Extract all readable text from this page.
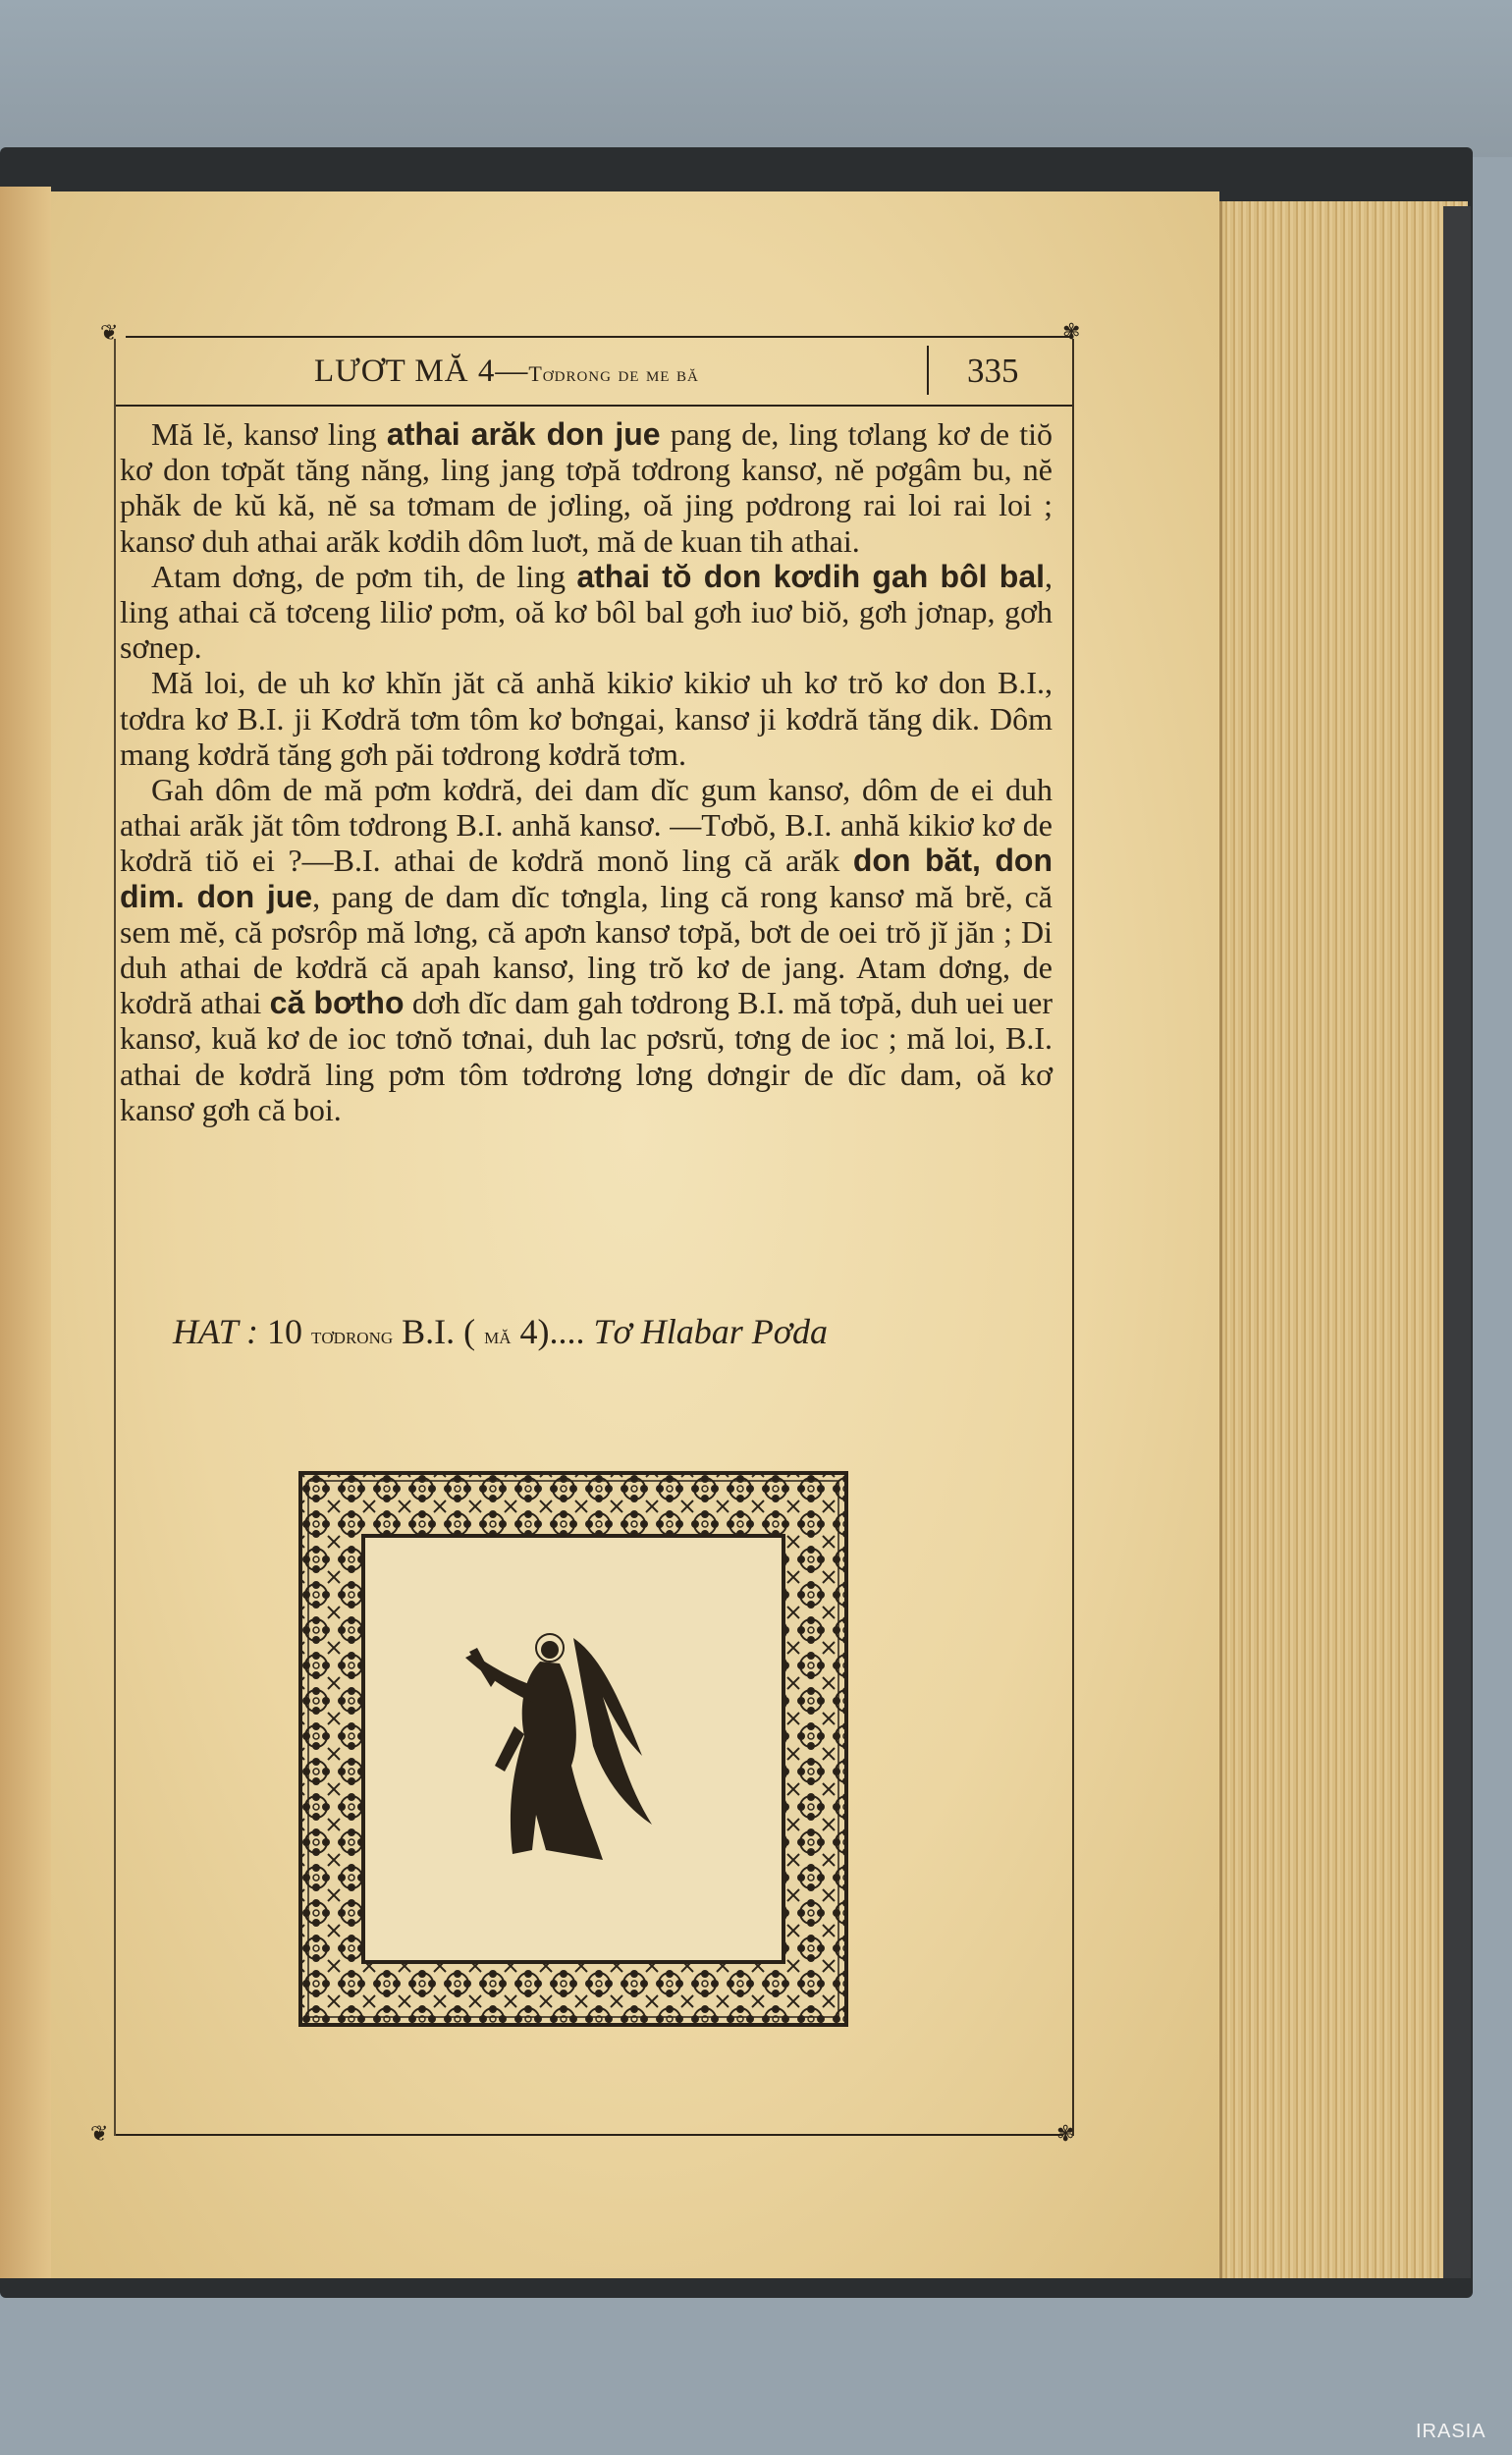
❦	✾
❦	✾
LƯƠT MĂ 4—Tơdrong de me bă	335

Mă lĕ, kansơ ling athai arăk don jue pang de, ling tơlang kơ de tiŏ kơ don tơpăt tăng năng, ling jang tơpă tơdrong kansơ, nĕ pơgâm bu, nĕ phăk de kŭ kă, nĕ sa tơmam de jơling, oă jing pơdrong rai loi rai loi ; kansơ duh athai arăk kơdih dôm luơt, mă de kuan tih athai.

Atam dơng, de pơm tih, de ling athai tŏ don kơdih gah bôl bal, ling athai că tơceng liliơ pơm, oă kơ bôl bal gơh iuơ biŏ, gơh jơnap, gơh sơnep.

Mă loi, de uh kơ khĭn jăt că anhă kikiơ kikiơ uh kơ trŏ kơ don B.I., tơdra kơ B.I. ji Kơdră tơm tôm kơ bơngai, kansơ ji kơdră tăng dik. Dôm mang kơdră tăng gơh păi tơdrong kơdră tơm.

Gah dôm de mă pơm kơdră, dei dam dĭc gum kansơ, dôm de ei duh athai arăk jăt tôm tơdrong B.I. anhă kansơ. —Tơbŏ, B.I. anhă kikiơ kơ de kơdră tiŏ ei ?—B.I. athai de kơdră monŏ ling că arăk don băt, don dim. don jue, pang de dam dĭc tơngla, ling că rong kansơ mă brĕ, că sem mĕ, că pơsrôp mă lơng, că apơn kansơ tơpă, bơt de oei trŏ jĭ jăn ; Di duh athai de kơdră că apah kansơ, ling trŏ kơ de jang. Atam dơng, de kơdră athai că bơtho dơh dĭc dam gah tơdrong B.I. mă tơpă, duh uei uer kansơ, kuă kơ de ioc tơnŏ tơnai, duh lac pơsrŭ, tơng de ioc ; mă loi, B.I. athai de kơdră ling pơm tôm tơdrơng lơng dơngir de dĭc dam, oă kơ kansơ gơh că boi.

HAT : 10 tơdrong B.I. ( mă 4).... Tơ Hlabar Pơda
IRASIA
